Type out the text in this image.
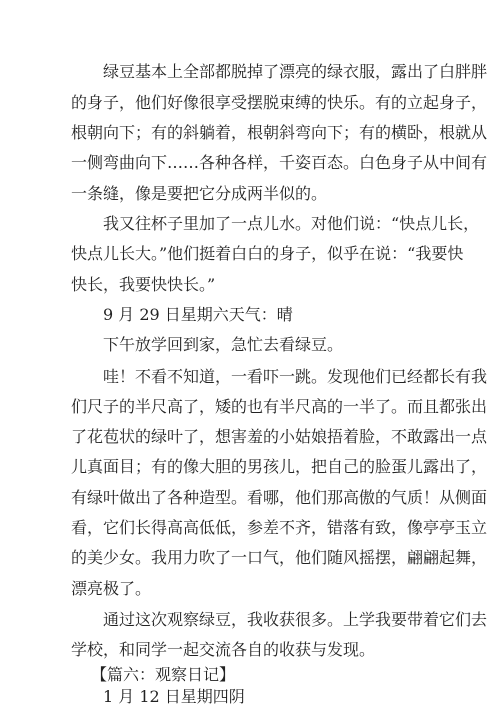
绿豆基本上全部都脱掉了漂亮的绿衣服，露出了白胖胖
的身子，他们好像很享受摆脱束缚的快乐。有的立起身子，
根朝向下；有的斜躺着，根朝斜弯向下；有的横卧，根就从
一侧弯曲向下……各种各样，千姿百态。白色身子从中间有
一条缝，像是要把它分成两半似的。
我又往杯子里加了一点儿水。对他们说：“快点儿长，
快点儿长大。”他们挺着白白的身子，似乎在说：“我要快
快长，我要快快长。”
9 月 29 日星期六天气：晴
下午放学回到家，急忙去看绿豆。
哇！不看不知道，一看吓一跳。发现他们已经都长有我
们尺子的半尺高了，矮的也有半尺高的一半了。而且都张出
了花苞状的绿叶了，想害羞的小姑娘捂着脸，不敢露出一点
儿真面目；有的像大胆的男孩儿，把自己的脸蛋儿露出了，
有绿叶做出了各种造型。看哪，他们那高傲的气质！从侧面
看，它们长得高高低低，参差不齐，错落有致，像亭亭玉立
的美少女。我用力吹了一口气，他们随风摇摆，翩翩起舞，
漂亮极了。
通过这次观察绿豆，我收获很多。上学我要带着它们去
学校，和同学一起交流各自的收获与发现。
【篇六：观察日记】
1 月 12 日星期四阴
